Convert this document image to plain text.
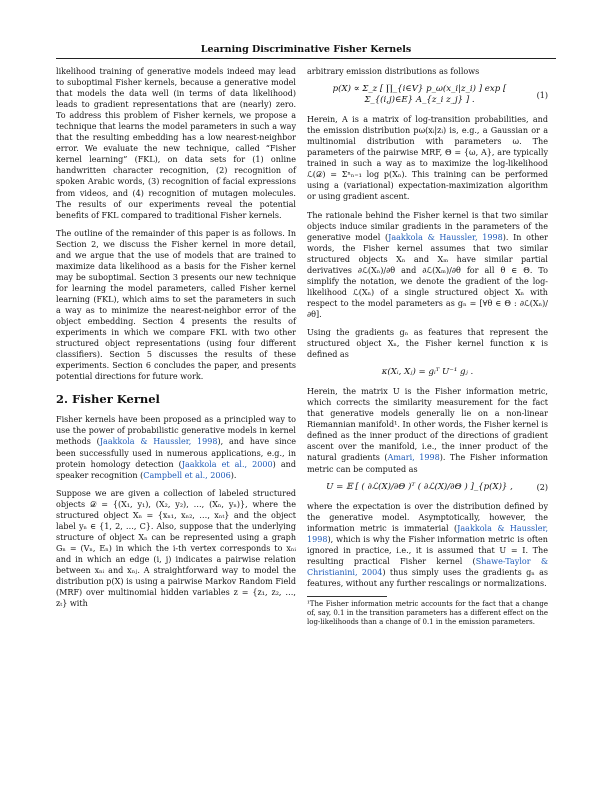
Learning Discriminative Fisher Kernels

likelihood training of generative models indeed may lead to suboptimal Fisher kernels, because a generative model that models the data well (in terms of data likelihood) leads to gradient representations that are (nearly) zero. To address this problem of Fisher kernels, we propose a technique that learns the model parameters in such a way that the resulting embedding has a low nearest-neighbor error. We evaluate the new technique, called “Fisher kernel learning” (FKL), on data sets for (1) online handwritten character recognition, (2) recognition of spoken Arabic words, (3) recognition of facial expressions from videos, and (4) recognition of mutagen molecules. The results of our experiments reveal the potential benefits of FKL compared to traditional Fisher kernels.

The outline of the remainder of this paper is as follows. In Section 2, we discuss the Fisher kernel in more detail, and we argue that the use of models that are trained to maximize data likelihood as a basis for the Fisher kernel may be suboptimal. Section 3 presents our new technique for learning the model parameters, called Fisher kernel learning (FKL), which aims to set the parameters in such a way as to minimize the nearest-neighbor error of the object embedding. Section 4 presents the results of experiments in which we compare FKL with two other structured object representations (using four different classifiers). Section 5 discusses the results of these experiments. Section 6 concludes the paper, and presents potential directions for future work.

2. Fisher Kernel

Fisher kernels have been proposed as a principled way to use the power of probabilistic generative models in kernel methods (Jaakkola & Haussler, 1998), and have since been successfully used in numerous applications, e.g., in protein homology detection (Jaakkola et al., 2000) and speaker recognition (Campbell et al., 2006).

Suppose we are given a collection of labeled structured objects 𝒟 = {(X₁, y₁), (X₂, y₂), …, (Xₙ, yₙ)}, where the structured object Xₙ = {xₙ₁, xₙ₂, …, xₙₜ} and the object label yₙ ∈ {1, 2, …, C}. Also, suppose that the underlying structure of object Xₙ can be represented using a graph Gₙ = (Vₙ, Eₙ) in which the i-th vertex corresponds to xₙᵢ and in which an edge (i, j) indicates a pairwise relation between xₙᵢ and xₙⱼ. A straightforward way to model the distribution p(X) is using a pairwise Markov Random Field (MRF) over multinomial hidden variables z = {z₁, z₂, …, zₜ} with

arbitrary emission distributions as follows

p(X) ∝ Σ_z [ ∏_{i∈V} p_ω(x_i|z_i) ] exp [ Σ_{(i,j)∈E} A_{z_i z_j} ] .
(1)

Herein, A is a matrix of log-transition probabilities, and the emission distribution pω(xᵢ|zᵢ) is, e.g., a Gaussian or a multinomial distribution with parameters ω. The parameters of the pairwise MRF, Θ = {ω, A}, are typically trained in such a way as to maximize the log-likelihood ℒ(𝒟) = Σⁿₙ₌₁ log p(Xₙ). This training can be performed using a (variational) expectation-maximization algorithm or using gradient ascent.

The rationale behind the Fisher kernel is that two similar objects induce similar gradients in the parameters of the generative model (Jaakkola & Haussler, 1998). In other words, the Fisher kernel assumes that two similar structured objects Xₙ and Xₘ have similar partial derivatives ∂ℒ(Xₙ)/∂θ and ∂ℒ(Xₘ)/∂θ for all θ ∈ Θ. To simplify the notation, we denote the gradient of the log-likelihood ℒ(Xₙ) of a single structured object Xₙ with respect to the model parameters as gₙ = [∀θ ∈ Θ : ∂ℒ(Xₙ)/∂θ].

Using the gradients gₙ as features that represent the structured object Xₙ, the Fisher kernel function κ is defined as

κ(Xᵢ, Xⱼ) = gᵢᵀ U⁻¹ gⱼ .

Herein, the matrix U is the Fisher information metric, which corrects the similarity measurement for the fact that generative models generally lie on a non-linear Riemannian manifold¹. In other words, the Fisher kernel is defined as the inner product of the directions of gradient ascent over the manifold, i.e., the inner product of the natural gradients (Amari, 1998). The Fisher information metric can be computed as

U = 𝔼 [ ( ∂ℒ(X)/∂Θ )ᵀ ( ∂ℒ(X)/∂Θ ) ]_{p(X)} ,	(2)

where the expectation is over the distribution defined by the generative model. Asymptotically, however, the information metric is immaterial (Jaakkola & Haussler, 1998), which is why the Fisher information metric is often ignored in practice, i.e., it is assumed that U = I. The resulting practical Fisher kernel (Shawe-Taylor & Christianini, 2004) thus simply uses the gradients gₙ as features, without any further rescalings or normalizations.

¹The Fisher information metric accounts for the fact that a change of, say, 0.1 in the transition parameters has a different effect on the log-likelihoods than a change of 0.1 in the emission parameters.
